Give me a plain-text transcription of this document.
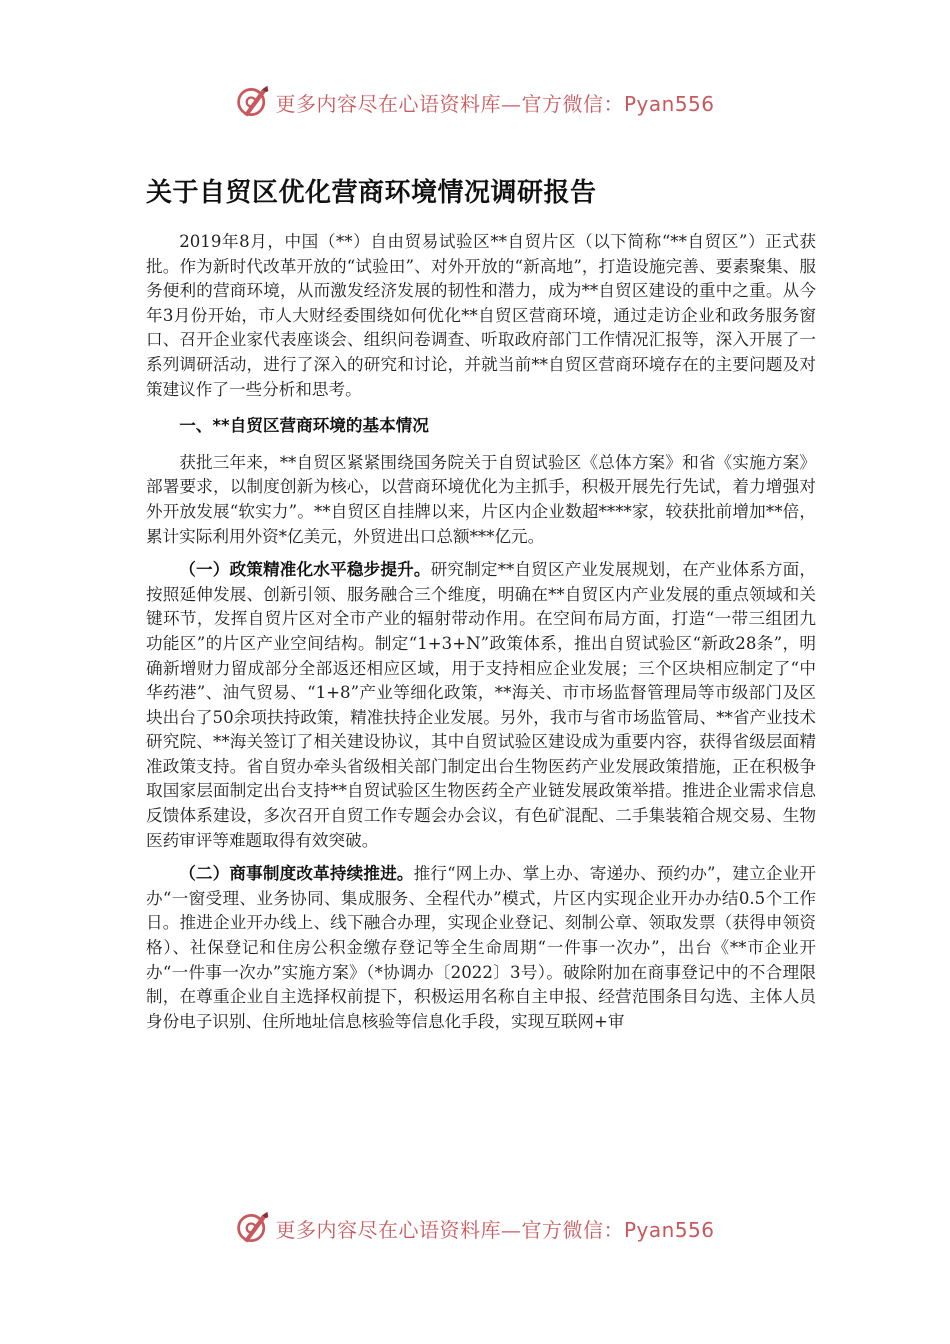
更多内容尽在心语资料库—官方微信：Pyan556
关于自贸区优化营商环境情况调研报告

2019年8月，中国（**）自由贸易试验区**自贸片区（以下简称“**自贸区”）正式获批。作为新时代改革开放的“试验田”、对外开放的“新高地”，打造设施完善、要素聚集、服务便利的营商环境，从而激发经济发展的韧性和潜力，成为**自贸区建设的重中之重。从今年3月份开始，市人大财经委围绕如何优化**自贸区营商环境，通过走访企业和政务服务窗口、召开企业家代表座谈会、组织问卷调查、听取政府部门工作情况汇报等，深入开展了一系列调研活动，进行了深入的研究和讨论，并就当前**自贸区营商环境存在的主要问题及对策建议作了一些分析和思考。

一、**自贸区营商环境的基本情况

获批三年来，**自贸区紧紧围绕国务院关于自贸试验区《总体方案》和省《实施方案》部署要求，以制度创新为核心，以营商环境优化为主抓手，积极开展先行先试，着力增强对外开放发展“软实力”。**自贸区自挂牌以来，片区内企业数超****家，较获批前增加**倍，累计实际利用外资*亿美元，外贸进出口总额***亿元。

（一）政策精准化水平稳步提升。研究制定**自贸区产业发展规划，在产业体系方面，按照延伸发展、创新引领、服务融合三个维度，明确在**自贸区内产业发展的重点领域和关键环节，发挥自贸片区对全市产业的辐射带动作用。在空间布局方面，打造“一带三组团九功能区”的片区产业空间结构。制定“1+3+N”政策体系，推出自贸试验区“新政28条”，明确新增财力留成部分全部返还相应区域，用于支持相应企业发展；三个区块相应制定了“中华药港”、油气贸易、“1+8”产业等细化政策，**海关、市市场监督管理局等市级部门及区块出台了50余项扶持政策，精准扶持企业发展。另外，我市与省市场监管局、**省产业技术研究院、**海关签订了相关建设协议，其中自贸试验区建设成为重要内容，获得省级层面精准政策支持。省自贸办牵头省级相关部门制定出台生物医药产业发展政策措施，正在积极争取国家层面制定出台支持**自贸试验区生物医药全产业链发展政策举措。推进企业需求信息反馈体系建设，多次召开自贸工作专题会办会议，有色矿混配、二手集装箱合规交易、生物医药审评等难题取得有效突破。

（二）商事制度改革持续推进。推行“网上办、掌上办、寄递办、预约办”，建立企业开办“一窗受理、业务协同、集成服务、全程代办”模式，片区内实现企业开办办结0.5个工作日。推进企业开办线上、线下融合办理，实现企业登记、刻制公章、领取发票（获得申领资格）、社保登记和住房公积金缴存登记等全生命周期“一件事一次办”，出台《**市企业开办“一件事一次办”实施方案》（*协调办〔2022〕3号）。破除附加在商事登记中的不合理限制，在尊重企业自主选择权前提下，积极运用名称自主申报、经营范围条目勾选、主体人员身份电子识别、住所地址信息核验等信息化手段，实现互联网+审

更多内容尽在心语资料库—官方微信：Pyan556
